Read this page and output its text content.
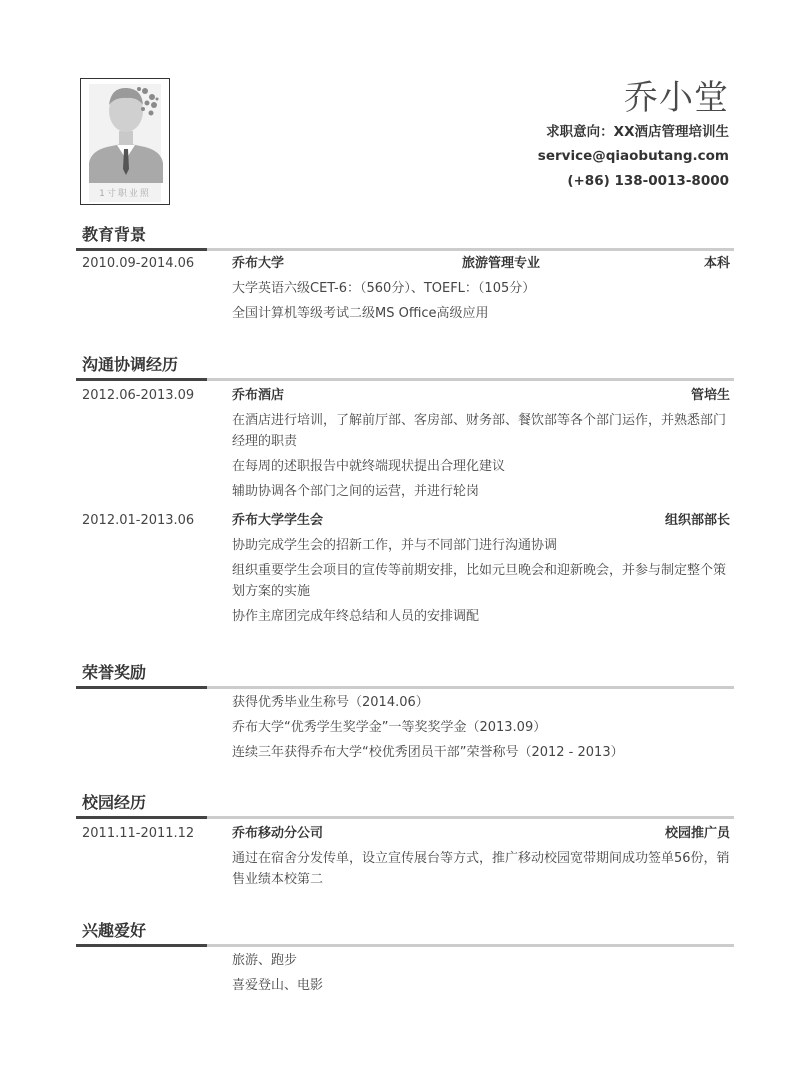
1寸职业照
乔小堂
求职意向：XX酒店管理培训生
service@qiaobutang.com
(+86) 138-0013-8000
教育背景
2010.09-2014.06	乔布大学	旅游管理专业	本科
大学英语六级CET-6：（560分）、TOEFL：（105分）
全国计算机等级考试二级MS Office高级应用
沟通协调经历
2012.06-2013.09	乔布酒店	管培生
在酒店进行培训，了解前厅部、客房部、财务部、餐饮部等各个部门运作，并熟悉部门经理的职责
在每周的述职报告中就终端现状提出合理化建议
辅助协调各个部门之间的运营，并进行轮岗
2012.01-2013.06	乔布大学学生会	组织部部长
协助完成学生会的招新工作，并与不同部门进行沟通协调
组织重要学生会项目的宣传等前期安排，比如元旦晚会和迎新晚会，并参与制定整个策划方案的实施
协作主席团完成年终总结和人员的安排调配
荣誉奖励
获得优秀毕业生称号（2014.06）
乔布大学“优秀学生奖学金”一等奖奖学金（2013.09）
连续三年获得乔布大学“校优秀团员干部”荣誉称号（2012 - 2013）
校园经历
2011.11-2011.12	乔布移动分公司	校园推广员
通过在宿舍分发传单，设立宣传展台等方式，推广移动校园宽带期间成功签单56份，销售业绩本校第二
兴趣爱好
旅游、跑步
喜爱登山、电影
